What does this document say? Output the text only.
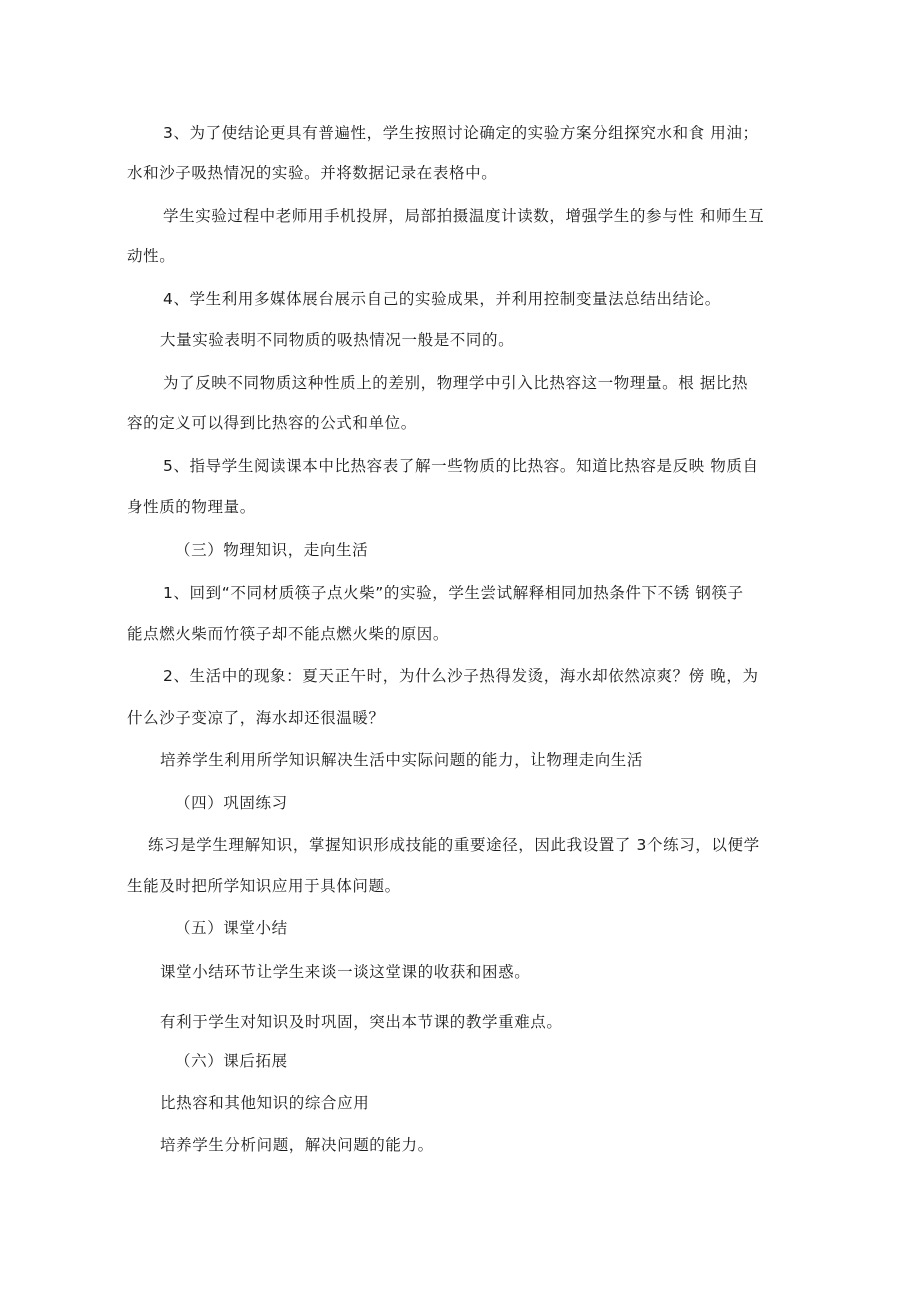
3、为了使结论更具有普遍性，学生按照讨论确定的实验方案分组探究水和食 用油；
水和沙子吸热情况的实验。并将数据记录在表格中。
学生实验过程中老师用手机投屏，局部拍摄温度计读数，增强学生的参与性 和师生互
动性。
4、学生利用多媒体展台展示自己的实验成果，并利用控制变量法总结出结论。
大量实验表明不同物质的吸热情况一般是不同的。
为了反映不同物质这种性质上的差别，物理学中引入比热容这一物理量。根 据比热
容的定义可以得到比热容的公式和单位。
5、指导学生阅读课本中比热容表了解一些物质的比热容。知道比热容是反映 物质自
身性质的物理量。
（三）物理知识，走向生活
1、回到“不同材质筷子点火柴”的实验，学生尝试解释相同加热条件下不锈 钢筷子
能点燃火柴而竹筷子却不能点燃火柴的原因。
2、生活中的现象：夏天正午时，为什么沙子热得发烫，海水却依然凉爽？傍 晚，为
什么沙子变凉了，海水却还很温暖？
培养学生利用所学知识解决生活中实际问题的能力，让物理走向生活
（四）巩固练习
练习是学生理解知识，掌握知识形成技能的重要途径，因此我设置了 3个练习，以便学
生能及时把所学知识应用于具体问题。
（五）课堂小结
课堂小结环节让学生来谈一谈这堂课的收获和困惑。
有利于学生对知识及时巩固，突出本节课的教学重难点。
（六）课后拓展
比热容和其他知识的综合应用
培养学生分析问题，解决问题的能力。
